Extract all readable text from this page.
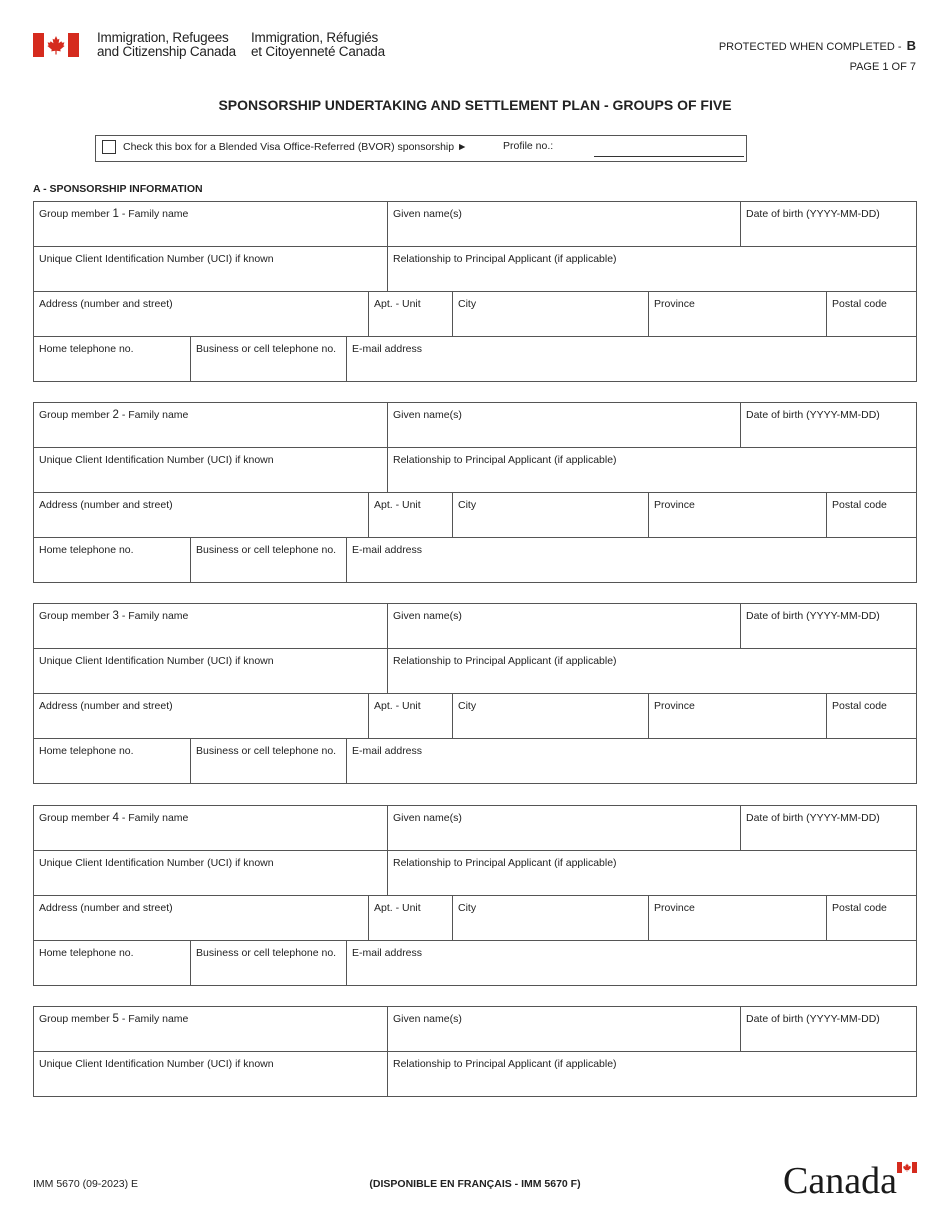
Immigration, Refugees
and Citizenship Canada
Immigration, Réfugiés
et Citoyenneté Canada	PROTECTED WHEN COMPLETED - B
PAGE 1 OF 7
SPONSORSHIP UNDERTAKING AND SETTLEMENT PLAN - GROUPS OF FIVE
Check this box for a Blended Visa Office-Referred (BVOR) sponsorship ►	Profile no.:
A - SPONSORSHIP INFORMATION
Group member 1 - Family name	Given name(s)	Date of birth (YYYY-MM-DD)
Unique Client Identification Number (UCI) if known	Relationship to Principal Applicant (if applicable)
Address (number and street)	Apt. - Unit	City	Province	Postal code
Home telephone no.	Business or cell telephone no.	E-mail address
Group member 2 - Family name	Given name(s)	Date of birth (YYYY-MM-DD)
Unique Client Identification Number (UCI) if known	Relationship to Principal Applicant (if applicable)
Address (number and street)	Apt. - Unit	City	Province	Postal code
Home telephone no.	Business or cell telephone no.	E-mail address
Group member 3 - Family name	Given name(s)	Date of birth (YYYY-MM-DD)
Unique Client Identification Number (UCI) if known	Relationship to Principal Applicant (if applicable)
Address (number and street)	Apt. - Unit	City	Province	Postal code
Home telephone no.	Business or cell telephone no.	E-mail address
Group member 4 - Family name	Given name(s)	Date of birth (YYYY-MM-DD)
Unique Client Identification Number (UCI) if known	Relationship to Principal Applicant (if applicable)
Address (number and street)	Apt. - Unit	City	Province	Postal code
Home telephone no.	Business or cell telephone no.	E-mail address
Group member 5 - Family name	Given name(s)	Date of birth (YYYY-MM-DD)
Unique Client Identification Number (UCI) if known	Relationship to Principal Applicant (if applicable)
IMM 5670 (09-2023) E	(DISPONIBLE EN FRANÇAIS - IMM 5670 F)	Canada
